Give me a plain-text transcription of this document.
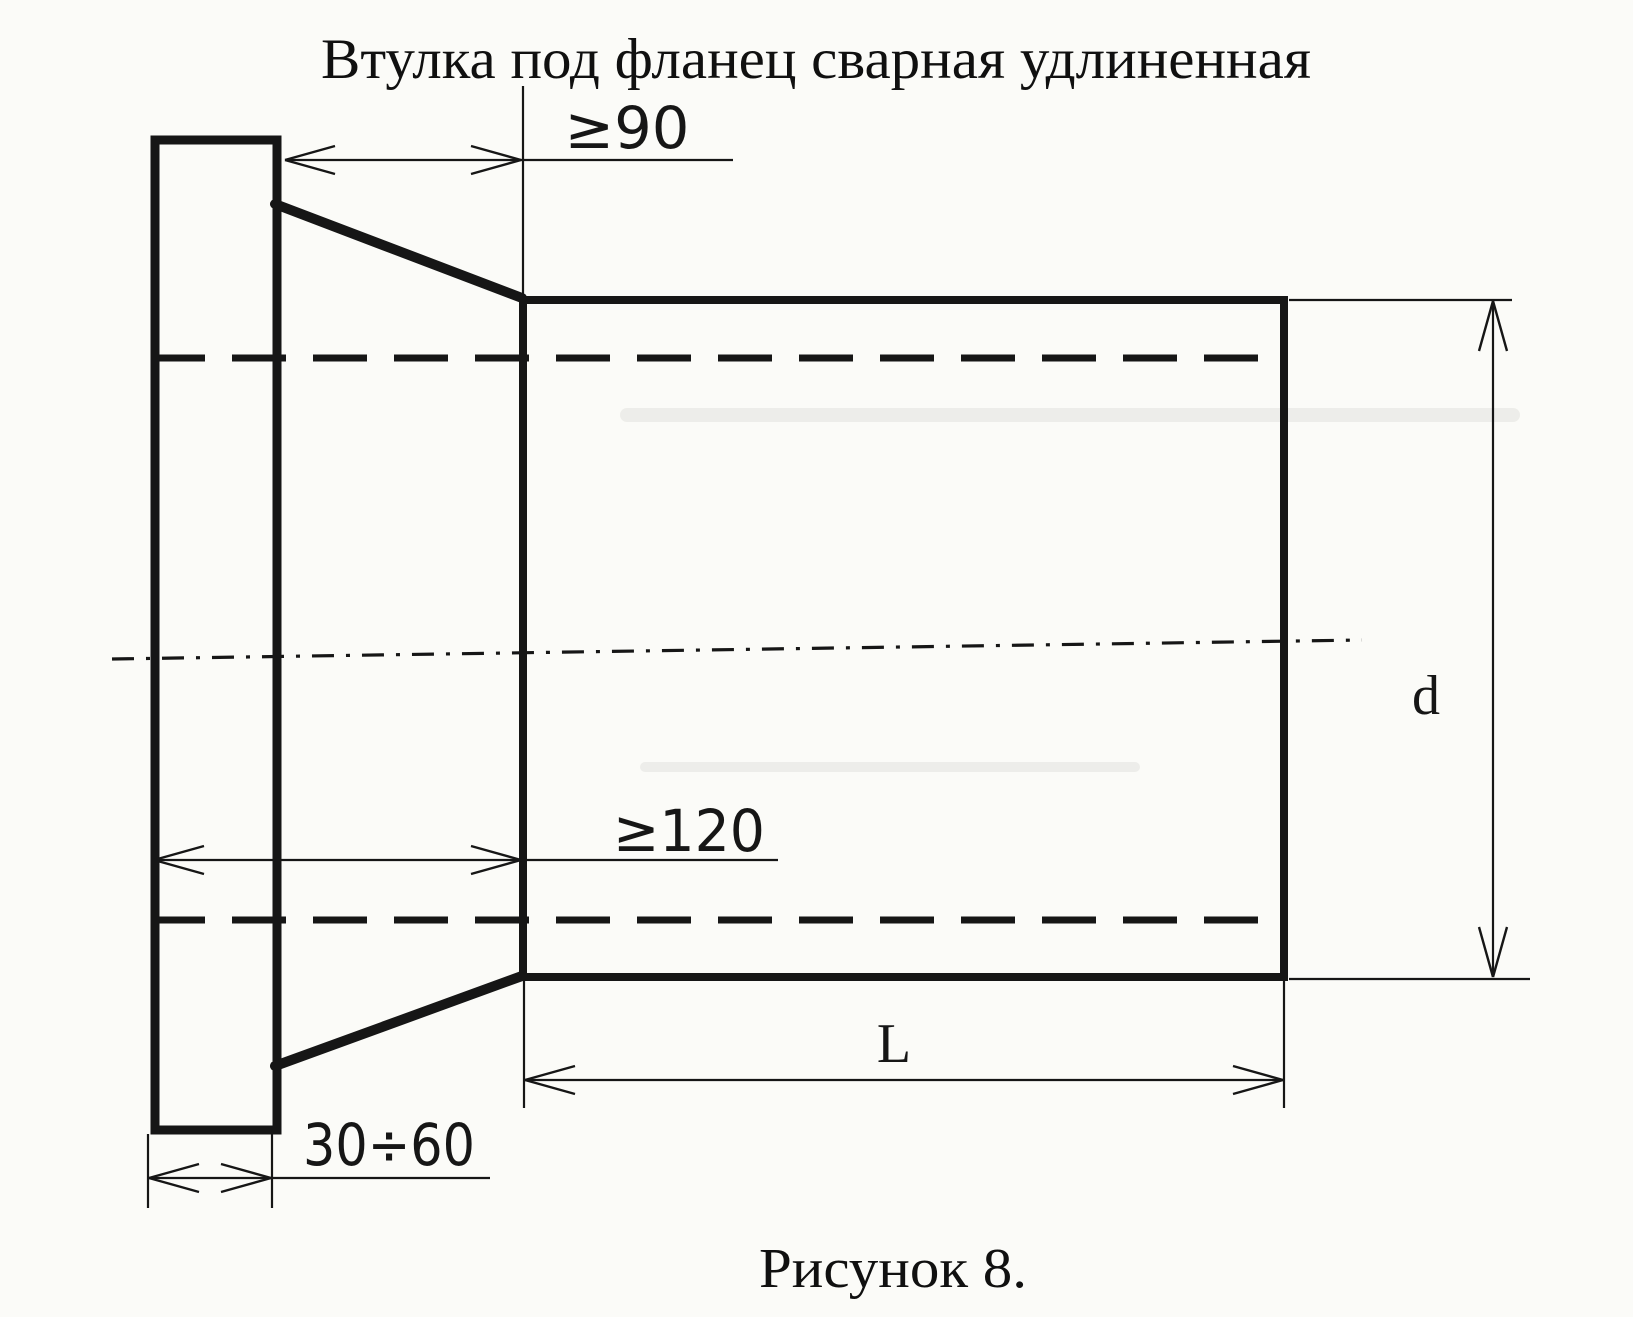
Втулка под фланец сварная удлиненная
≥90
≥120
30÷60
L
d
Рисунок 8.
